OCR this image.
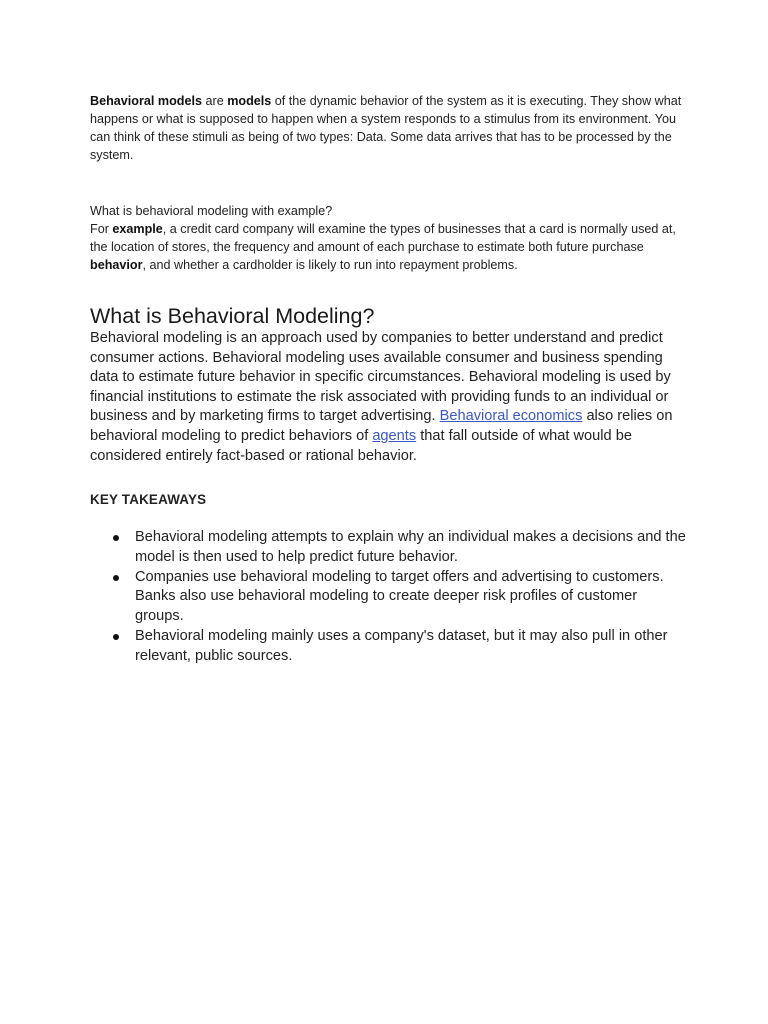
Behavioral models are models of the dynamic behavior of the system as it is executing. They show what happens or what is supposed to happen when a system responds to a stimulus from its environment. You can think of these stimuli as being of two types: Data. Some data arrives that has to be processed by the system.

What is behavioral modeling with example?

For example, a credit card company will examine the types of businesses that a card is normally used at, the location of stores, the frequency and amount of each purchase to estimate both future purchase behavior, and whether a cardholder is likely to run into repayment problems.

What is Behavioral Modeling?

Behavioral modeling is an approach used by companies to better understand and predict consumer actions. Behavioral modeling uses available consumer and business spending data to estimate future behavior in specific circumstances. Behavioral modeling is used by financial institutions to estimate the risk associated with providing funds to an individual or business and by marketing firms to target advertising. Behavioral economics also relies on behavioral modeling to predict behaviors of agents that fall outside of what would be considered entirely fact-based or rational behavior.

KEY TAKEAWAYS

Behavioral modeling attempts to explain why an individual makes a decisions and the model is then used to help predict future behavior.
Companies use behavioral modeling to target offers and advertising to customers. Banks also use behavioral modeling to create deeper risk profiles of customer groups.
Behavioral modeling mainly uses a company's dataset, but it may also pull in other relevant, public sources.
